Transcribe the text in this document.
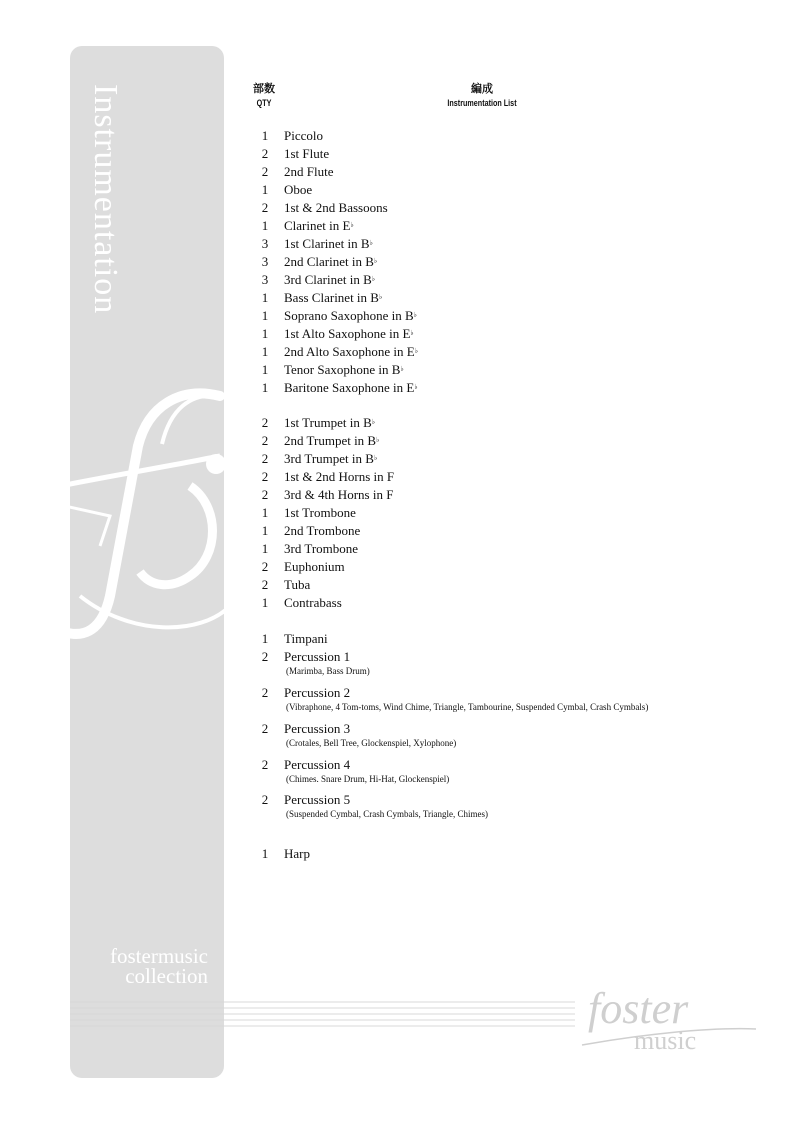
Instrumentation
fostermusic
collection
foster
music
部数
QTY
編成
Instrumentation List
1	Piccolo
2	1st Flute
2	2nd Flute
1	Oboe
2	1st & 2nd Bassoons
1	Clarinet in E♭
3	1st Clarinet in B♭
3	2nd Clarinet in B♭
3	3rd Clarinet in B♭
1	Bass Clarinet in B♭
1	Soprano Saxophone in B♭
1	1st Alto Saxophone in E♭
1	2nd Alto Saxophone in E♭
1	Tenor Saxophone in B♭
1	Baritone Saxophone in E♭
2	1st Trumpet in B♭
2	2nd Trumpet in B♭
2	3rd Trumpet in B♭
2	1st & 2nd Horns in F
2	3rd & 4th Horns in F
1	1st Trombone
1	2nd Trombone
1	3rd Trombone
2	Euphonium
2	Tuba
1	Contrabass
1	Timpani
2	Percussion 1
(Marimba, Bass Drum)
2	Percussion 2
(Vibraphone, 4 Tom-toms, Wind Chime, Triangle, Tambourine, Suspended Cymbal, Crash Cymbals)
2	Percussion 3
(Crotales, Bell Tree, Glockenspiel, Xylophone)
2	Percussion 4
(Chimes. Snare Drum, Hi-Hat, Glockenspiel)
2	Percussion 5
(Suspended Cymbal, Crash Cymbals, Triangle, Chimes)
1	Harp
